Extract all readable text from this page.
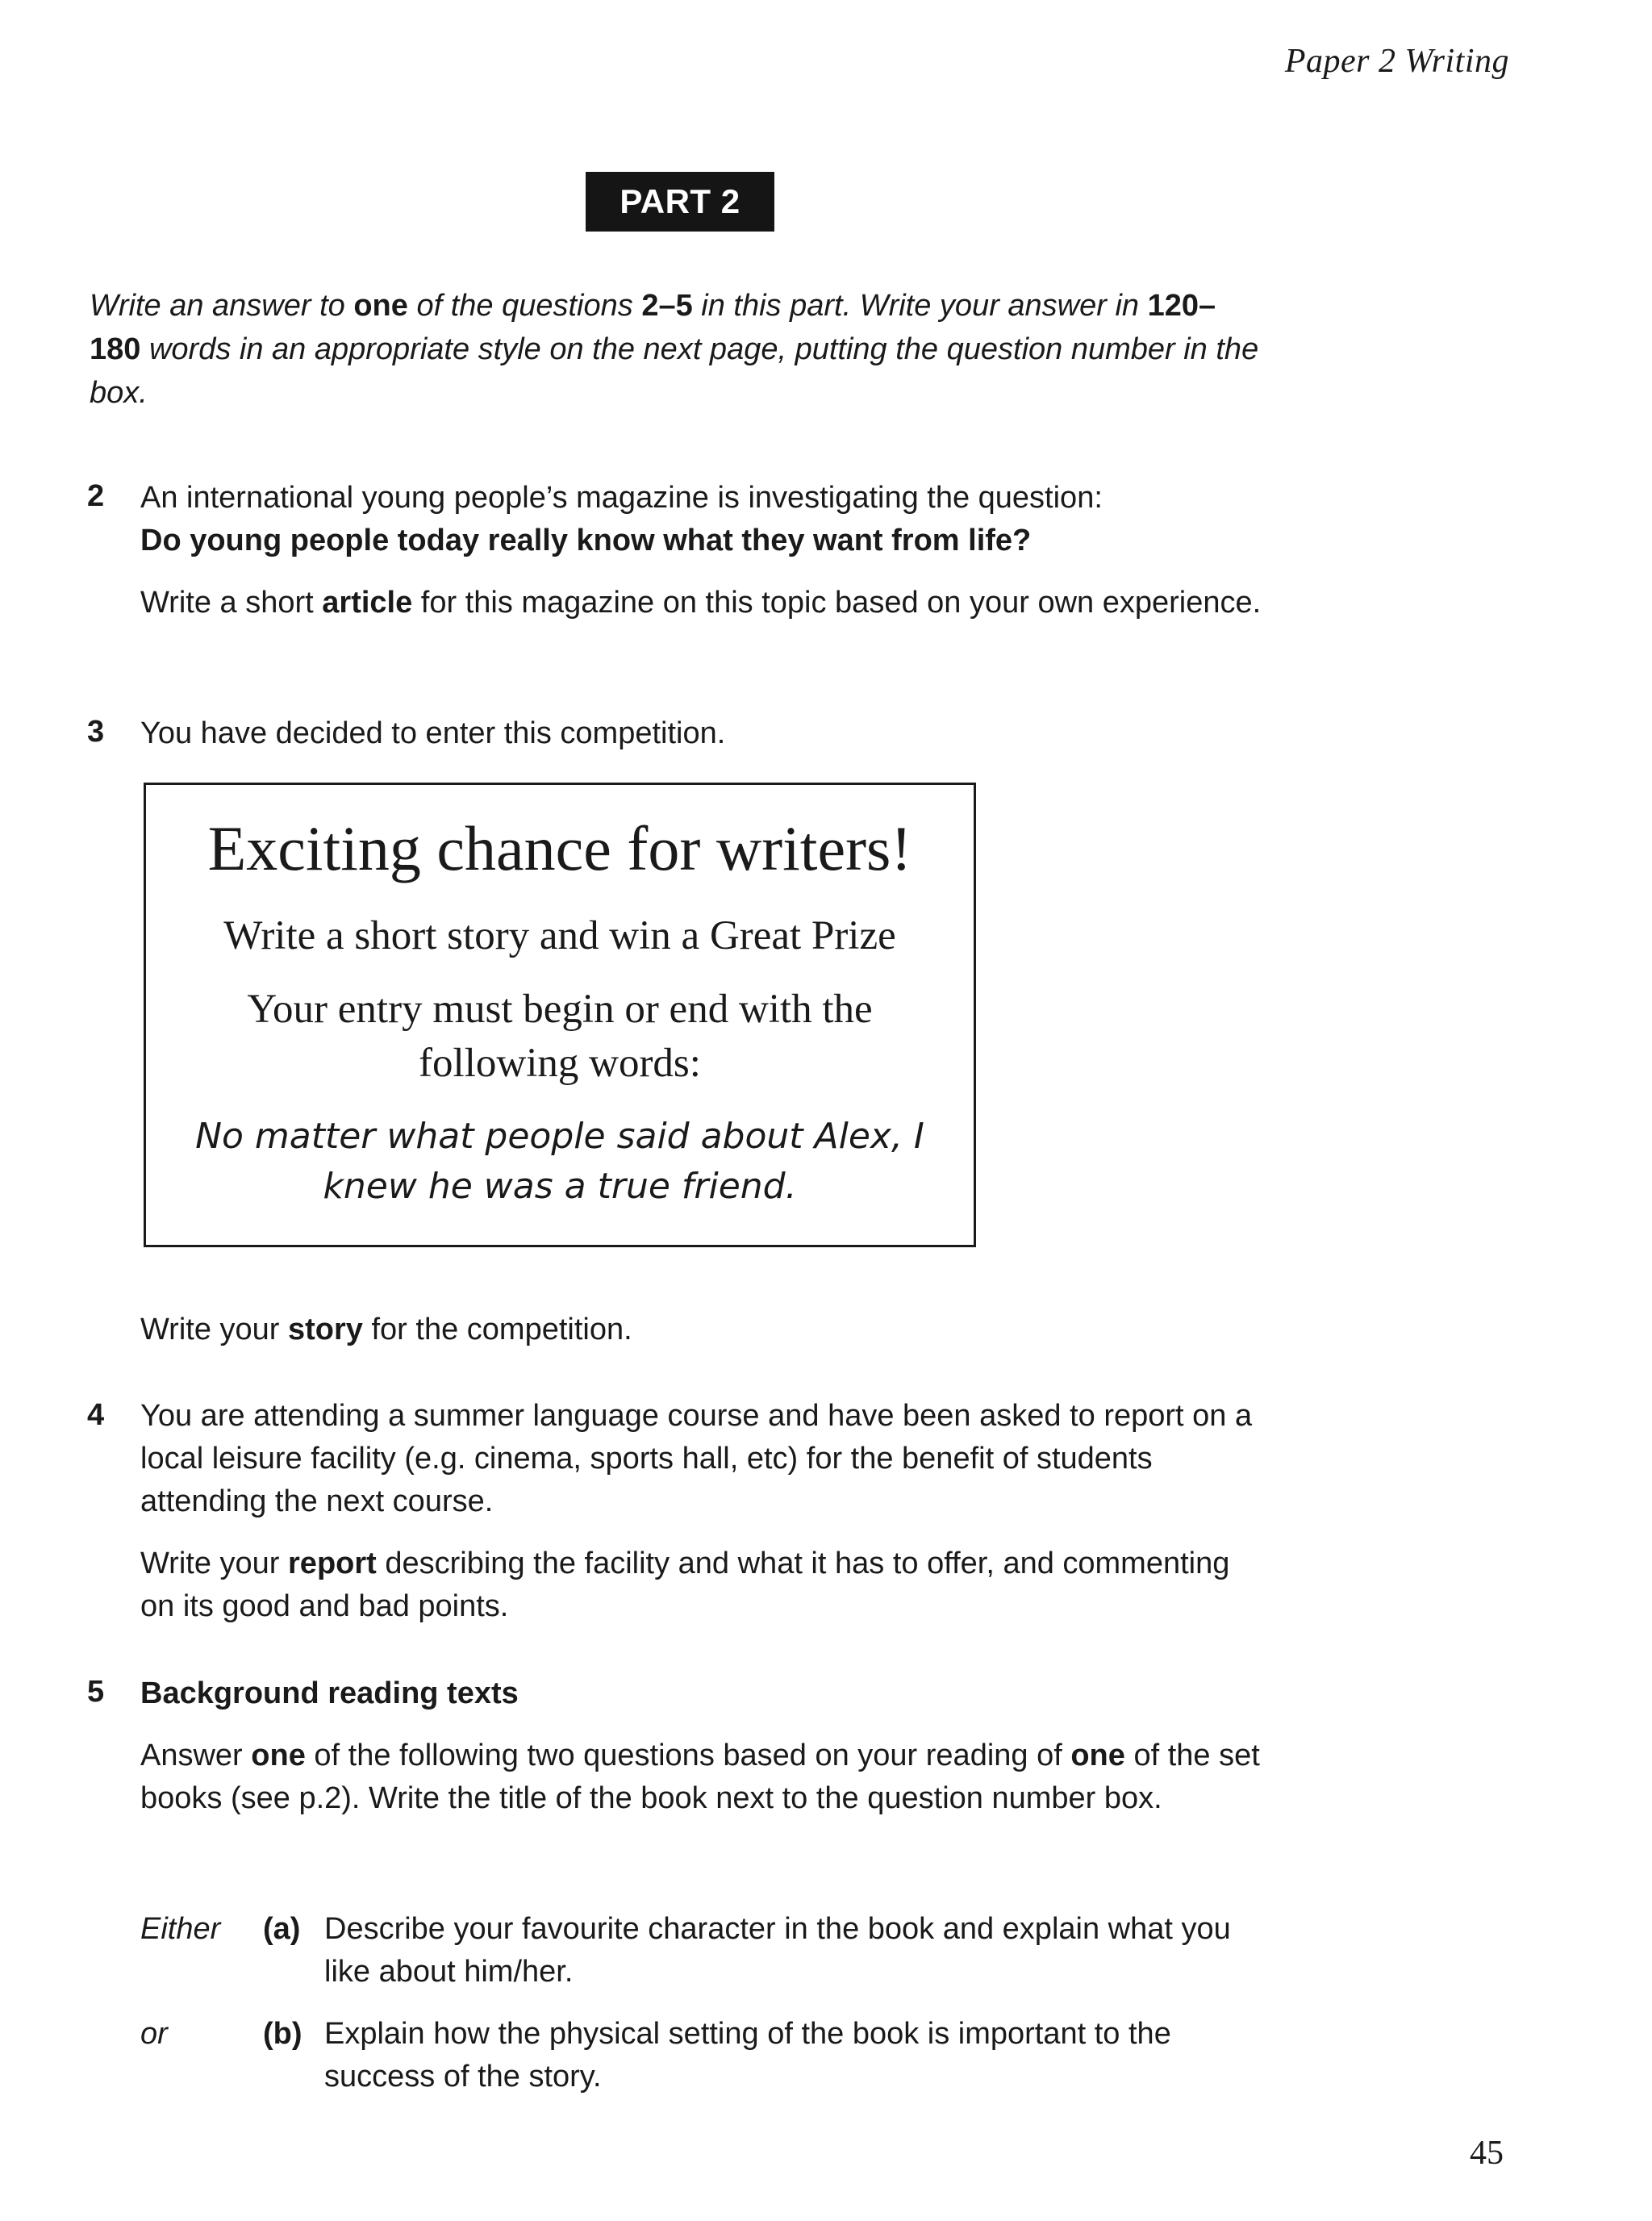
Paper 2 Writing
PART 2
Write an answer to one of the questions 2–5 in this part. Write your answer in 120–180 words in an appropriate style on the next page, putting the question number in the box.
2 An international young people’s magazine is investigating the question:

Do young people today really know what they want from life?

Write a short article for this magazine on this topic based on your own experience.

3 You have decided to enter this competition.

Exciting chance for writers!
Write a short story and win a Great Prize
Your entry must begin or end with the following words:
No matter what people said about Alex, I knew he was a true friend.

Write your story for the competition.

4 You are attending a summer language course and have been asked to report on a local leisure facility (e.g. cinema, sports hall, etc) for the benefit of students attending the next course.

Write your report describing the facility and what it has to offer, and commenting on its good and bad points.

5 Background reading texts

Answer one of the following two questions based on your reading of one of the set books (see p.2). Write the title of the book next to the question number box.

Either (a) Describe your favourite character in the book and explain what you like about him/her.
or	(b) Explain how the physical setting of the book is important to the success of the story.
45
